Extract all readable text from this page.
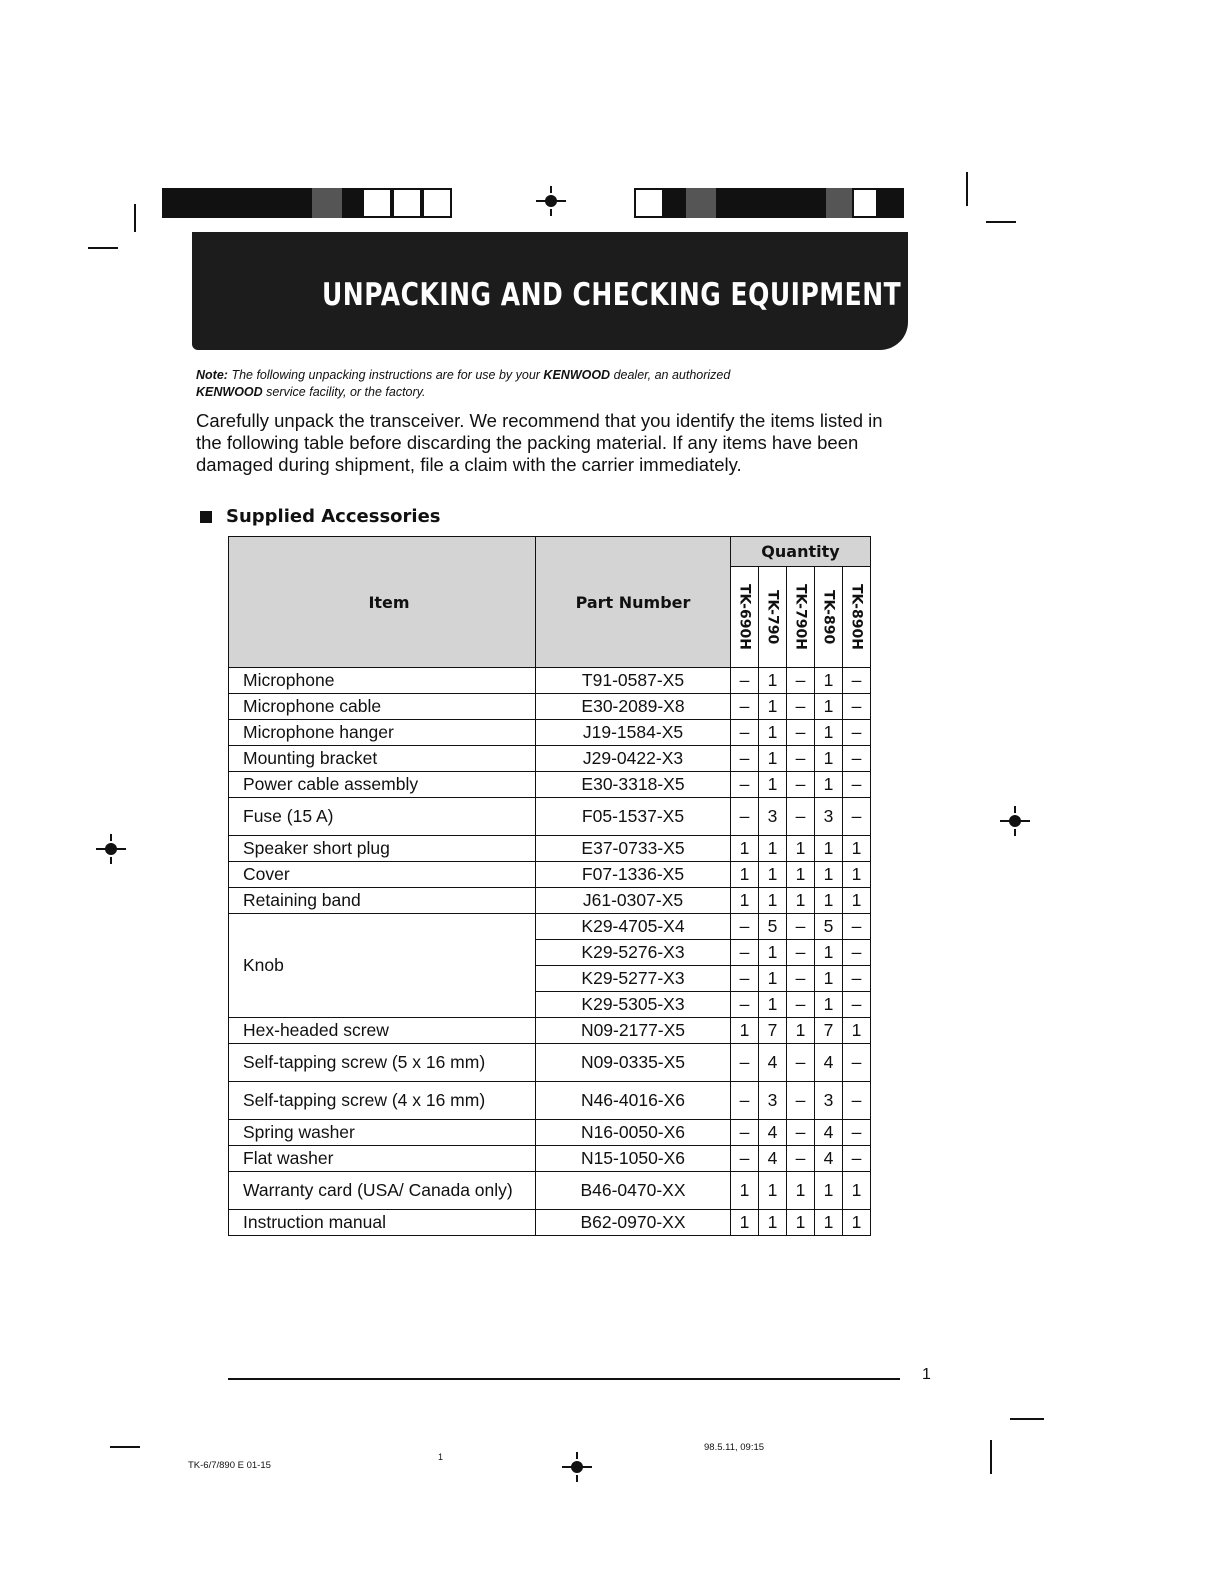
UNPACKING AND CHECKING EQUIPMENT
Note: The following unpacking instructions are for use by your KENWOOD dealer, an authorized
KENWOOD service facility, or the factory.
Carefully unpack the transceiver. We recommend that you identify the items listed in the following table before discarding the packing material. If any items have been damaged during shipment, file a claim with the carrier immediately.
Supplied Accessories
Item	Part Number	Quantity				
		TK-690H	TK-790	TK-790H	TK-890	TK-890H
Microphone	T91-0587-X5	–	1	–	1	–
Microphone cable	E30-2089-X8	–	1	–	1	–
Microphone hanger	J19-1584-X5	–	1	–	1	–
Mounting bracket	J29-0422-X3	–	1	–	1	–
Power cable assembly	E30-3318-X5	–	1	–	1	–
Fuse (15 A)	F05-1537-X5	–	3	–	3	–
Speaker short plug	E37-0733-X5	1	1	1	1	1
Cover	F07-1336-X5	1	1	1	1	1
Retaining band	J61-0307-X5	1	1	1	1	1
Knob	K29-4705-X4	–	5	–	5	–
	K29-5276-X3	–	1	–	1	–
	K29-5277-X3	–	1	–	1	–
	K29-5305-X3	–	1	–	1	–
Hex-headed screw	N09-2177-X5	1	7	1	7	1
Self-tapping screw (5 x 16 mm)	N09-0335-X5	–	4	–	4	–
Self-tapping screw (4 x 16 mm)	N46-4016-X6	–	3	–	3	–
Spring washer	N16-0050-X6	–	4	–	4	–
Flat washer	N15-1050-X6	–	4	–	4	–
Warranty card (USA/ Canada only)	B46-0470-XX	1	1	1	1	1
Instruction manual	B62-0970-XX	1	1	1	1	1
1
TK-6/7/890 E 01-15
1
98.5.11, 09:15
